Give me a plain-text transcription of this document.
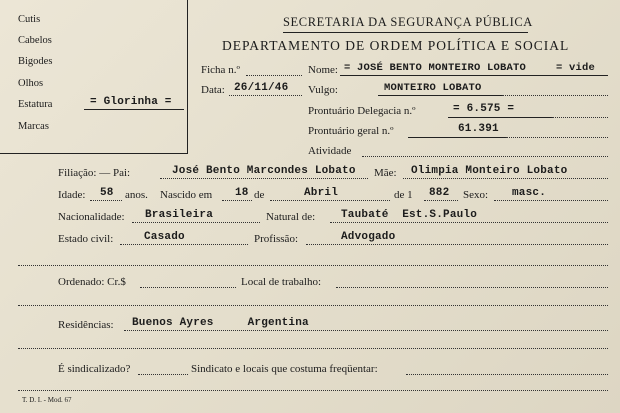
Cutis
Cabelos
Bigodes
Olhos
Estatura	= Glorinha =
Marcas
SECRETARIA DA SEGURANÇA PÚBLICA
DEPARTAMENTO DE ORDEM POLÍTICA E SOCIAL
Ficha n.º	Nome: = JOSÉ BENTO MONTEIRO LOBATO	= vide
Data: 26/11/46 Vulgo:	MONTEIRO LOBATO
Prontuário Delegacia n.º	= 6.575 =
Prontuário geral n.º	61.391
Atividade
Filiação: — Pai:	José Bento Marcondes Lobato Mãe: Olimpia Monteiro Lobato
Idade: 58 anos. Nascido em 18 de	Abril	de 1 882 Sexo: masc.
Nacionalidade: Brasileira	Natural de: Taubaté  Est.S.Paulo
Estado civil:	Casado	Profissão:	Advogado
Ordenado: Cr.$	Local de trabalho:
Residências: Buenos Ayres     Argentina
É sindicalizado?	Sindicato e locais que costuma freqüentar:
T. D. I. - Mod. 67
